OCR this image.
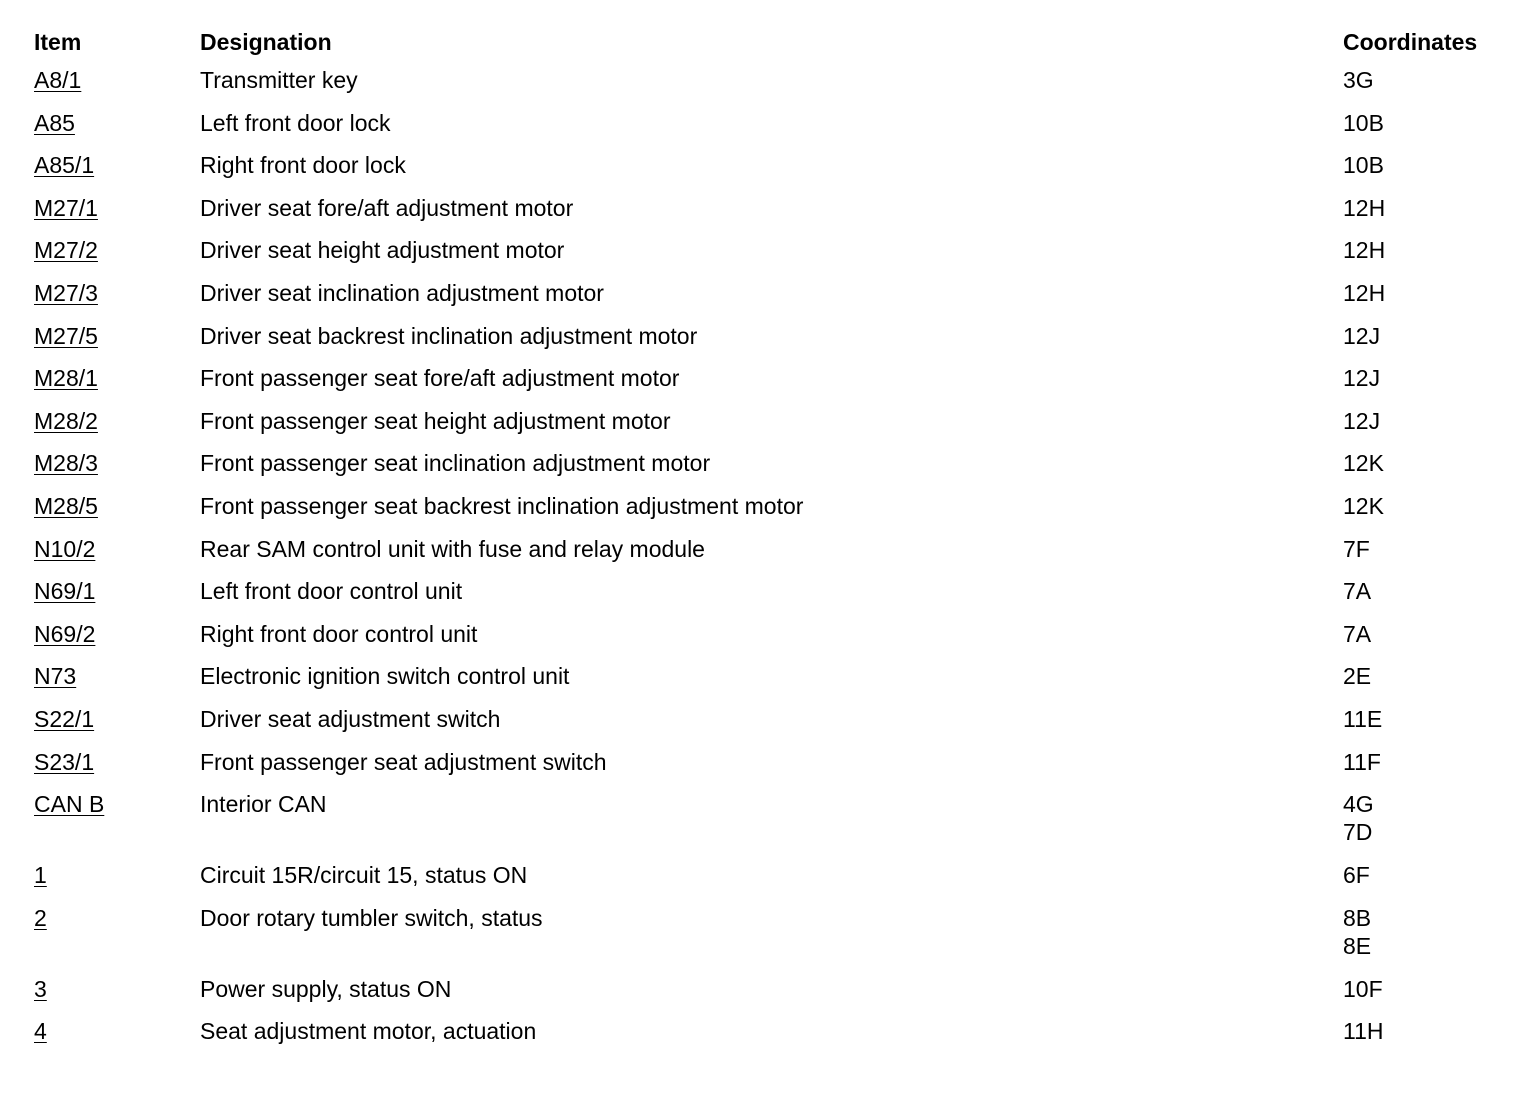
Item	Designation	Coordinates
A8/1	Transmitter key	3G

A85	Left front door lock	10B

A85/1	Right front door lock	10B

M27/1	Driver seat fore/aft adjustment motor	12H

M27/2	Driver seat height adjustment motor	12H

M27/3	Driver seat inclination adjustment motor	12H

M27/5	Driver seat backrest inclination adjustment motor	12J

M28/1	Front passenger seat fore/aft adjustment motor	12J

M28/2	Front passenger seat height adjustment motor	12J

M28/3	Front passenger seat inclination adjustment motor	12K

M28/5	Front passenger seat backrest inclination adjustment motor	12K

N10/2	Rear SAM control unit with fuse and relay module	7F

N69/1	Left front door control unit	7A

N69/2	Right front door control unit	7A

N73	Electronic ignition switch control unit	2E

S22/1	Driver seat adjustment switch	11E

S23/1	Front passenger seat adjustment switch	11F

CAN B	Interior CAN	4G
7D

1	Circuit 15R/circuit 15, status ON	6F

2	Door rotary tumbler switch, status	8B
8E

3	Power supply, status ON	10F

4	Seat adjustment motor, actuation	11H
